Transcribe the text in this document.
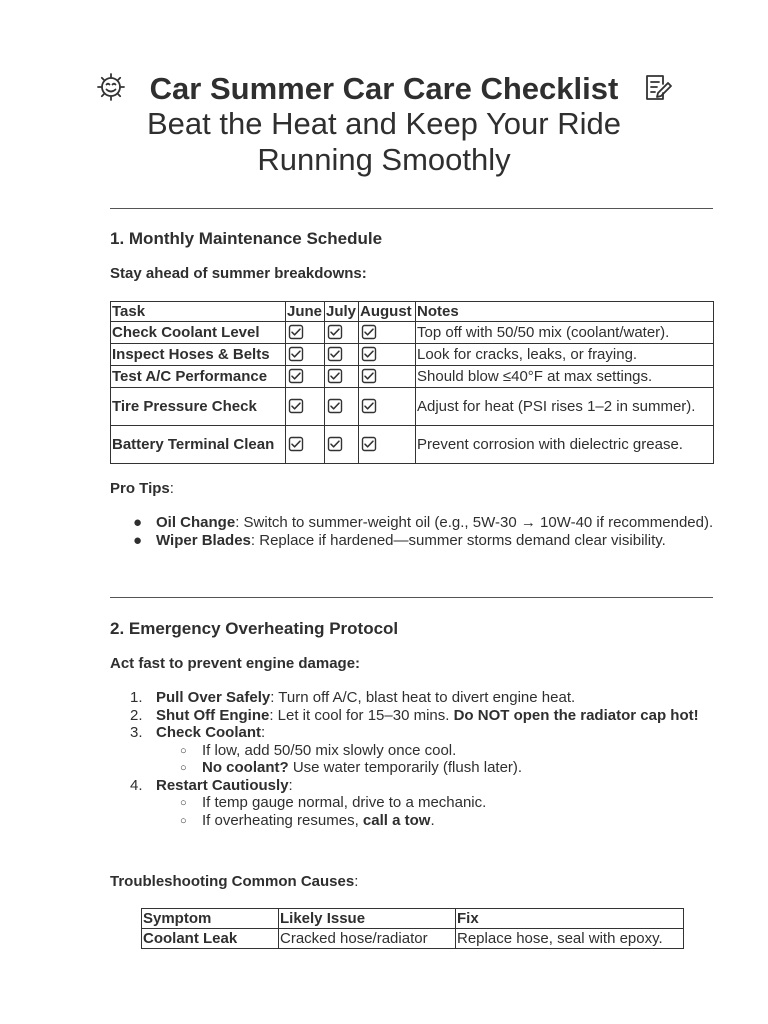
Car Summer Car Care Checklist
Beat the Heat and Keep Your Ride Running Smoothly
1. Monthly Maintenance Schedule
Stay ahead of summer breakdowns:
Task	June	July	August	Notes
Check Coolant Level				Top off with 50/50 mix (coolant/water).
Inspect Hoses & Belts				Look for cracks, leaks, or fraying.
Test A/C Performance				Should blow ≤40°F at max settings.
Tire Pressure Check				Adjust for heat (PSI rises 1–2 in summer).
Battery Terminal Clean				Prevent corrosion with dielectric grease.
Pro Tips:
● Oil Change: Switch to summer-weight oil (e.g., 5W-30 → 10W-40 if recommended).
● Wiper Blades: Replace if hardened—summer storms demand clear visibility.
2. Emergency Overheating Protocol
Act fast to prevent engine damage:
1. Pull Over Safely: Turn off A/C, blast heat to divert engine heat.
2. Shut Off Engine: Let it cool for 15–30 mins. Do NOT open the radiator cap hot!
3. Check Coolant:
○ If low, add 50/50 mix slowly once cool.
○ No coolant? Use water temporarily (flush later).
4. Restart Cautiously:
○ If temp gauge normal, drive to a mechanic.
○ If overheating resumes, call a tow.
Troubleshooting Common Causes:
Symptom	Likely Issue	Fix
Coolant Leak	Cracked hose/radiator	Replace hose, seal with epoxy.
